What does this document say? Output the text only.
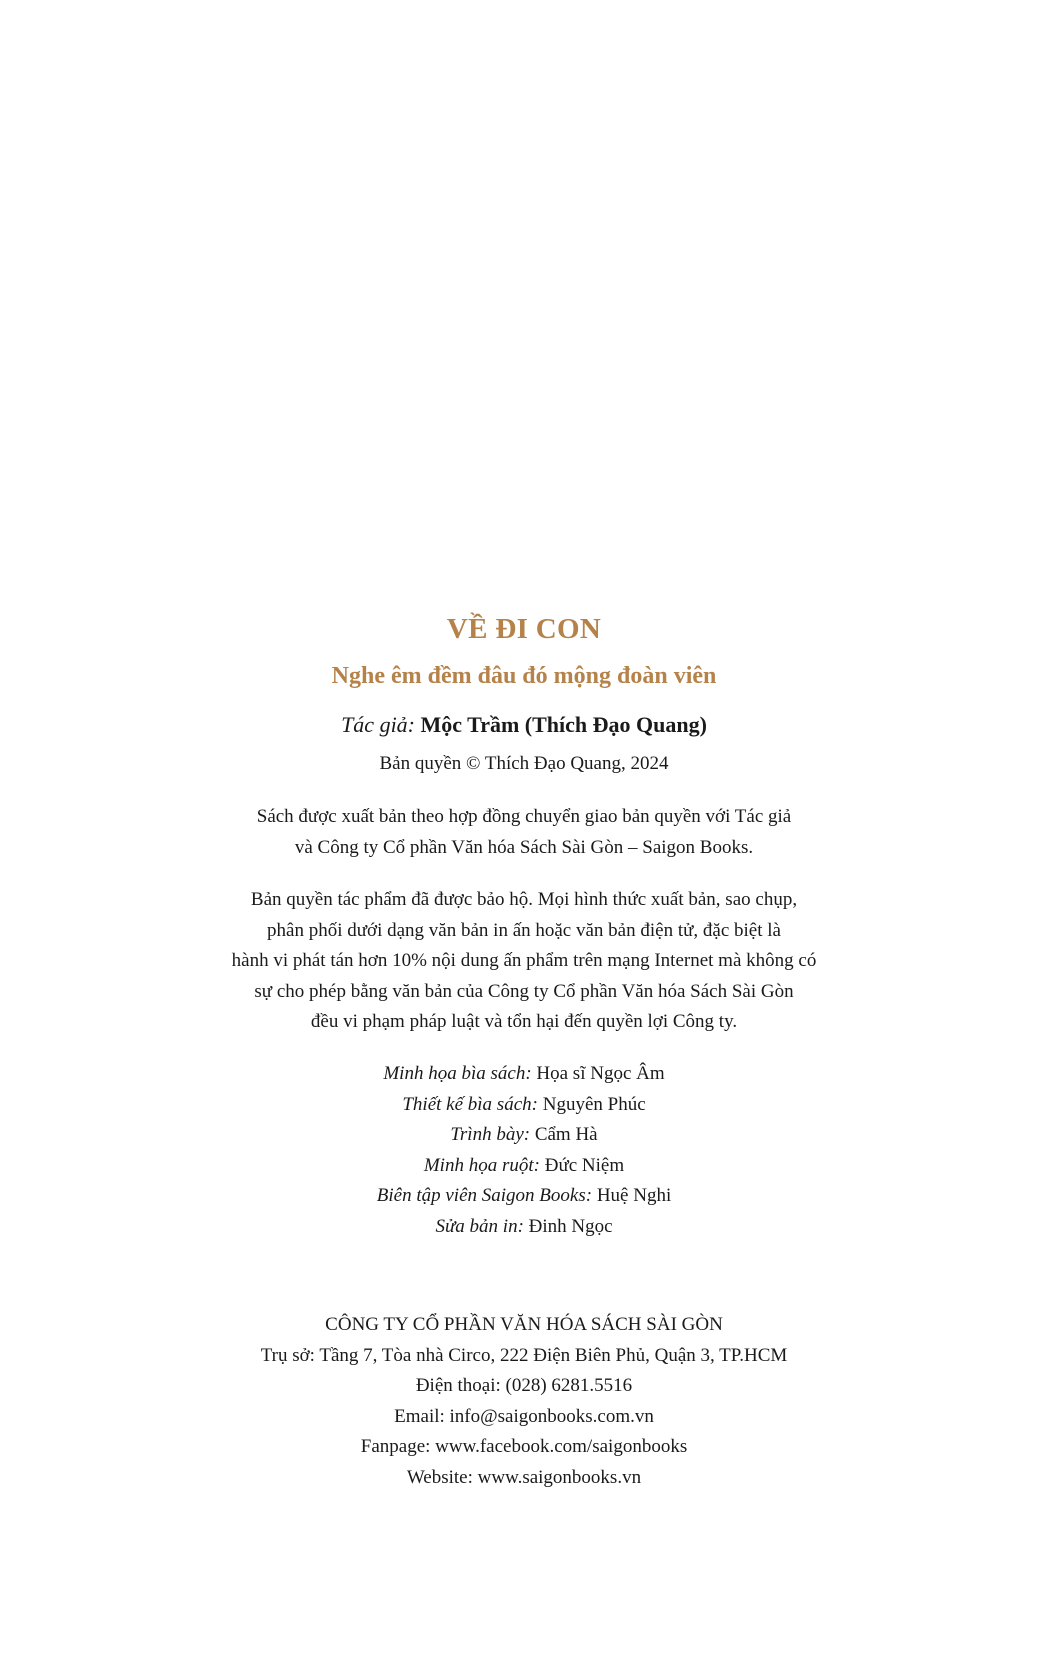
VỀ ĐI CON
Nghe êm đềm đâu đó mộng đoàn viên

Tác giả: Mộc Trầm (Thích Đạo Quang)

Bản quyền © Thích Đạo Quang, 2024

Sách được xuất bản theo hợp đồng chuyển giao bản quyền với Tác giả
và Công ty Cổ phần Văn hóa Sách Sài Gòn – Saigon Books.
Bản quyền tác phẩm đã được bảo hộ. Mọi hình thức xuất bản, sao chụp,
phân phối dưới dạng văn bản in ấn hoặc văn bản điện tử, đặc biệt là
hành vi phát tán hơn 10% nội dung ấn phẩm trên mạng Internet mà không có
sự cho phép bằng văn bản của Công ty Cổ phần Văn hóa Sách Sài Gòn
đều vi phạm pháp luật và tổn hại đến quyền lợi Công ty.
Minh họa bìa sách: Họa sĩ Ngọc Âm
Thiết kế bìa sách: Nguyên Phúc
Trình bày: Cẩm Hà
Minh họa ruột: Đức Niệm
Biên tập viên Saigon Books: Huệ Nghi
Sửa bản in: Đinh Ngọc
CÔNG TY CỔ PHẦN VĂN HÓA SÁCH SÀI GÒN
Trụ sở: Tầng 7, Tòa nhà Circo, 222 Điện Biên Phủ, Quận 3, TP.HCM
Điện thoại: (028) 6281.5516
Email: info@saigonbooks.com.vn
Fanpage: www.facebook.com/saigonbooks
Website: www.saigonbooks.vn
